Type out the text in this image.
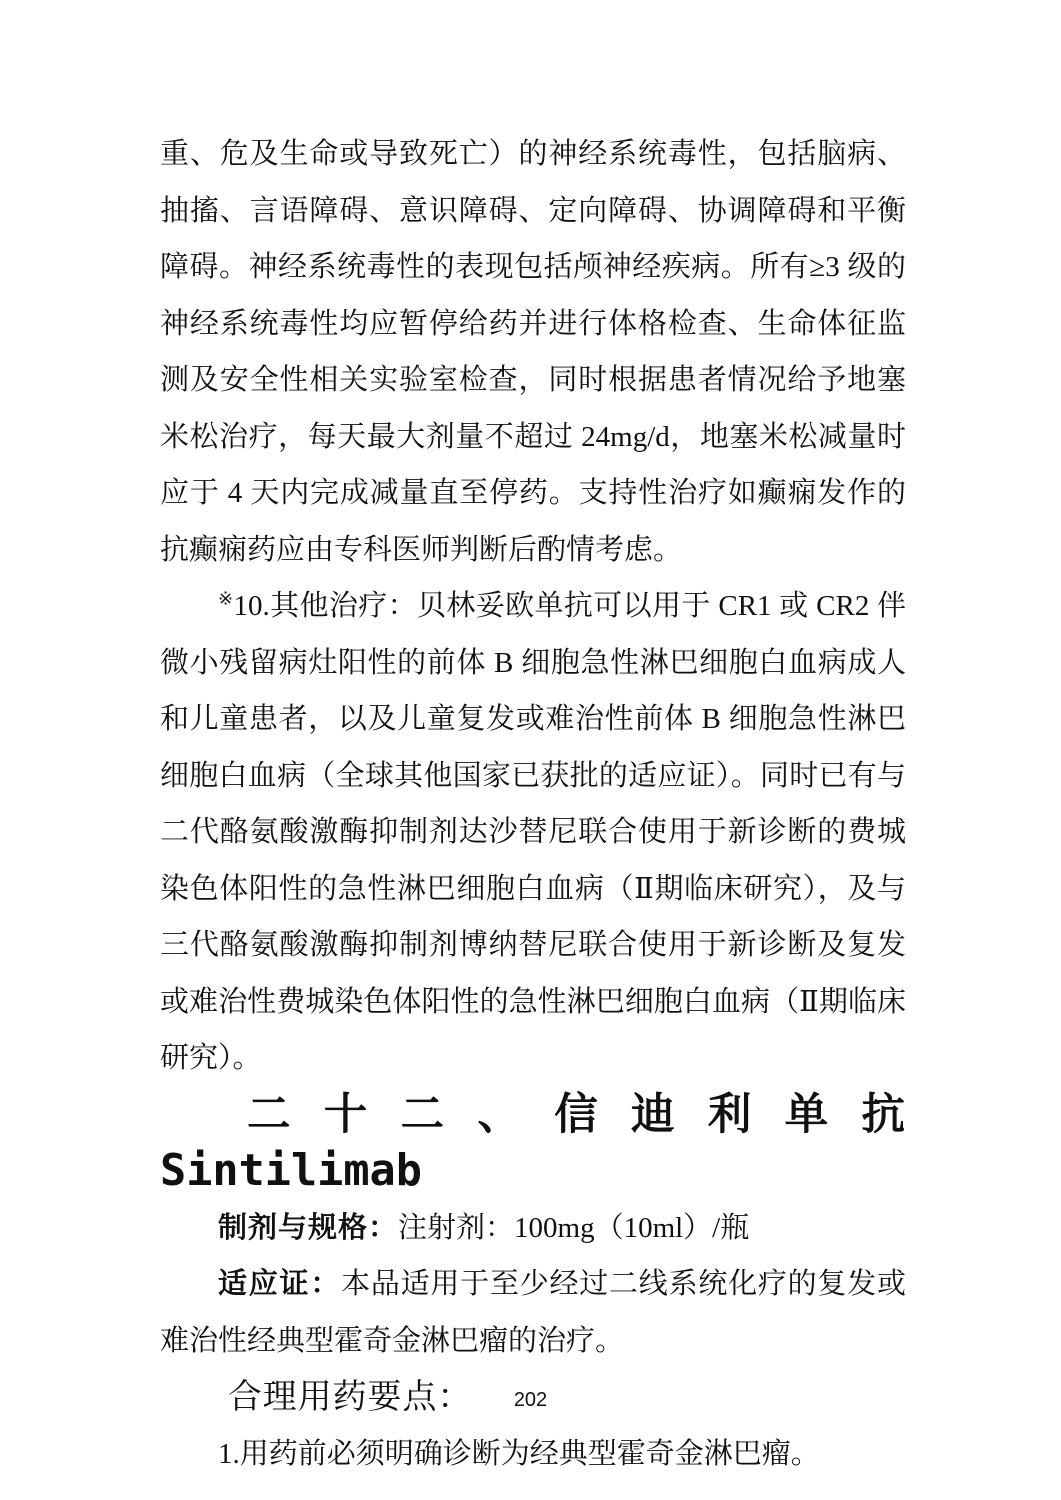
重、危及生命或导致死亡）的神经系统毒性，包括脑病、抽搐、言语障碍、意识障碍、定向障碍、协调障碍和平衡障碍。神经系统毒性的表现包括颅神经疾病。所有≥3 级的神经系统毒性均应暂停给药并进行体格检查、生命体征监测及安全性相关实验室检查，同时根据患者情况给予地塞米松治疗，每天最大剂量不超过 24mg/d，地塞米松减量时应于 4 天内完成减量直至停药。支持性治疗如癫痫发作的抗癫痫药应由专科医师判断后酌情考虑。

※10.其他治疗：贝林妥欧单抗可以用于 CR1 或 CR2 伴微小残留病灶阳性的前体 B 细胞急性淋巴细胞白血病成人和儿童患者，以及儿童复发或难治性前体 B 细胞急性淋巴细胞白血病（全球其他国家已获批的适应证）。同时已有与二代酪氨酸激酶抑制剂达沙替尼联合使用于新诊断的费城染色体阳性的急性淋巴细胞白血病（Ⅱ期临床研究），及与三代酪氨酸激酶抑制剂博纳替尼联合使用于新诊断及复发或难治性费城染色体阳性的急性淋巴细胞白血病（Ⅱ期临床研究）。

二十二、信迪利单抗 Sintilimab

制剂与规格：注射剂：100mg（10ml）/瓶

适应证：本品适用于至少经过二线系统化疗的复发或难治性经典型霍奇金淋巴瘤的治疗。

合理用药要点：

1.用药前必须明确诊断为经典型霍奇金淋巴瘤。

202
